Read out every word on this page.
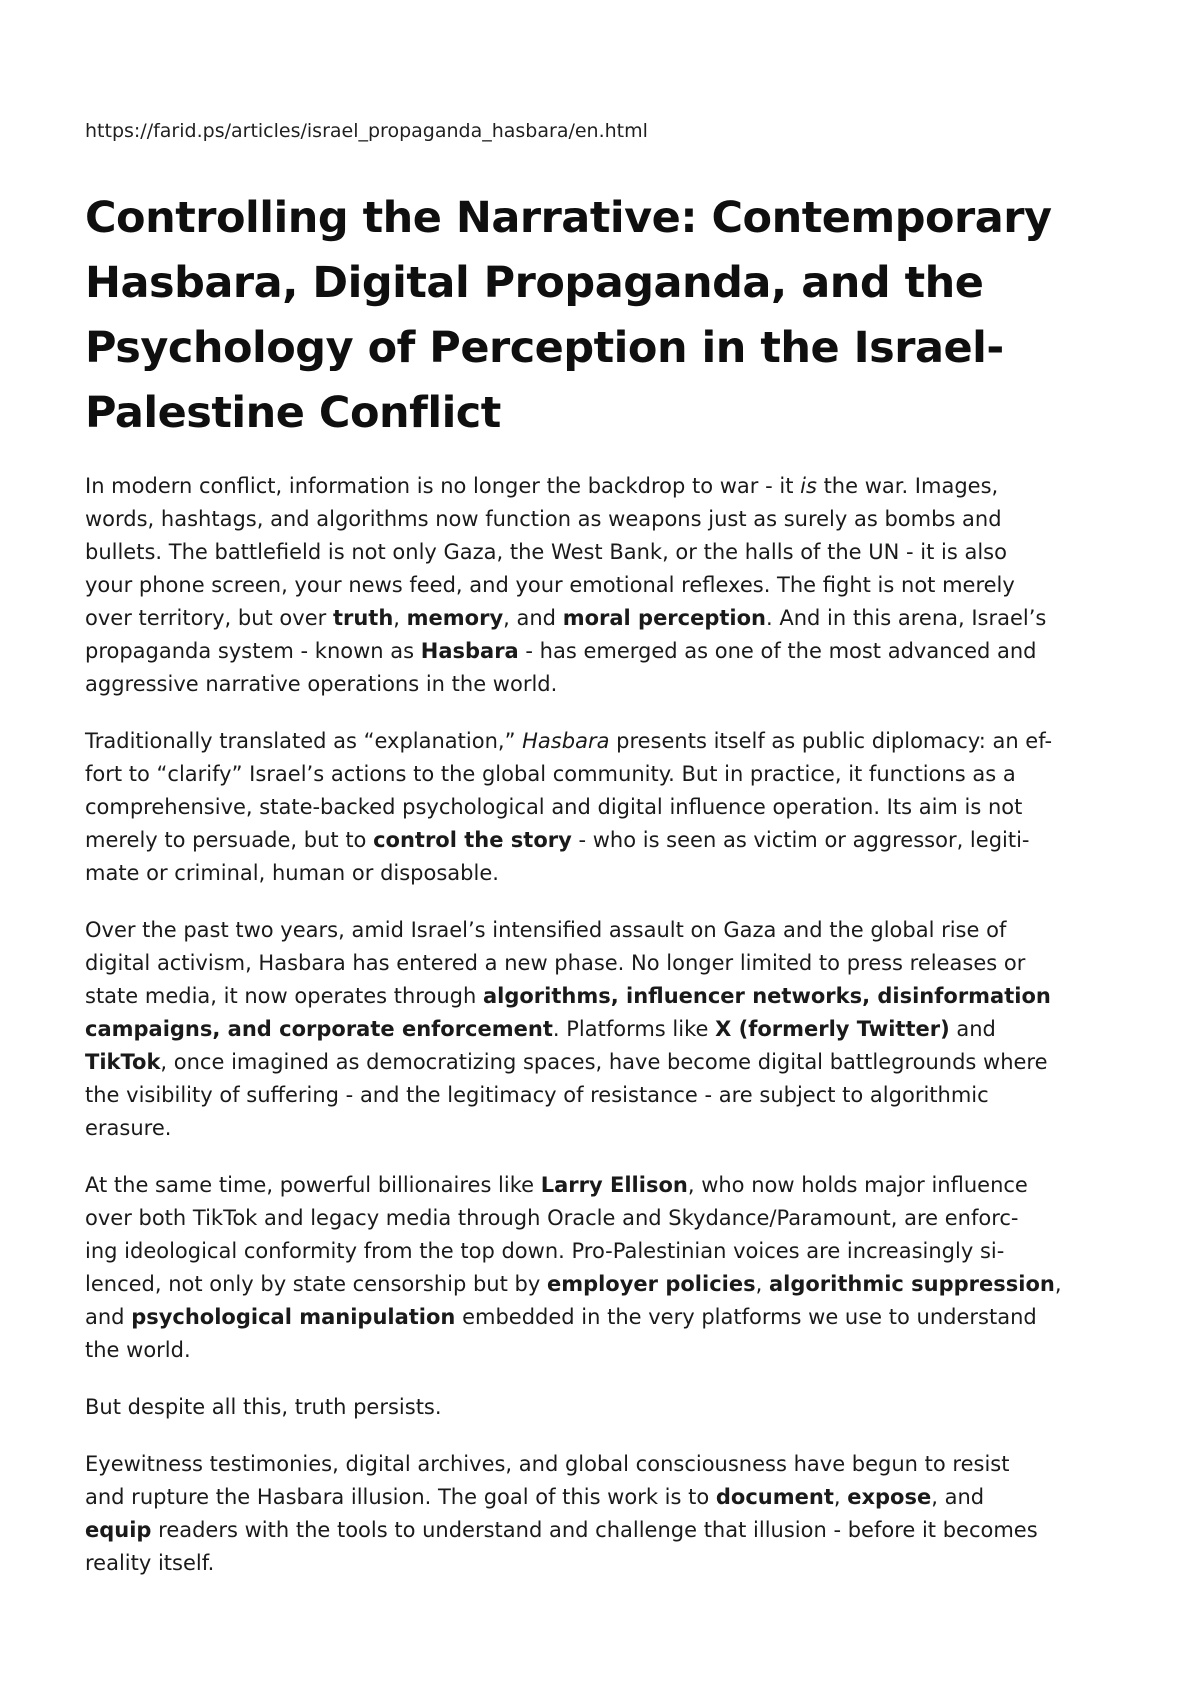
https://farid.ps/articles/israel_propaganda_hasbara/en.html
Controlling the Narrative: Contemporary
Hasbara, Digital Propaganda, and the
Psychology of Perception in the Israel-
Palestine Conflict

In modern conflict, information is no longer the backdrop to war - it is the war. Images,
words, hashtags, and algorithms now function as weapons just as surely as bombs and
bullets. The battlefield is not only Gaza, the West Bank, or the halls of the UN - it is also
your phone screen, your news feed, and your emotional reflexes. The fight is not merely
over territory, but over truth, memory, and moral perception. And in this arena, Israel’s
propaganda system - known as Hasbara - has emerged as one of the most advanced and
aggressive narrative operations in the world.

Traditionally translated as “explanation,” Hasbara presents itself as public diplomacy: an ef-
fort to “clarify” Israel’s actions to the global community. But in practice, it functions as a
comprehensive, state-backed psychological and digital influence operation. Its aim is not
merely to persuade, but to control the story - who is seen as victim or aggressor, legiti-
mate or criminal, human or disposable.

Over the past two years, amid Israel’s intensified assault on Gaza and the global rise of
digital activism, Hasbara has entered a new phase. No longer limited to press releases or
state media, it now operates through algorithms, influencer networks, disinformation
campaigns, and corporate enforcement. Platforms like X (formerly Twitter) and
TikTok, once imagined as democratizing spaces, have become digital battlegrounds where
the visibility of suffering - and the legitimacy of resistance - are subject to algorithmic
erasure.

At the same time, powerful billionaires like Larry Ellison, who now holds major influence
over both TikTok and legacy media through Oracle and Skydance/Paramount, are enforc-
ing ideological conformity from the top down. Pro-Palestinian voices are increasingly si-
lenced, not only by state censorship but by employer policies, algorithmic suppression,
and psychological manipulation embedded in the very platforms we use to understand
the world.

But despite all this, truth persists.

Eyewitness testimonies, digital archives, and global consciousness have begun to resist
and rupture the Hasbara illusion. The goal of this work is to document, expose, and
equip readers with the tools to understand and challenge that illusion - before it becomes
reality itself.
